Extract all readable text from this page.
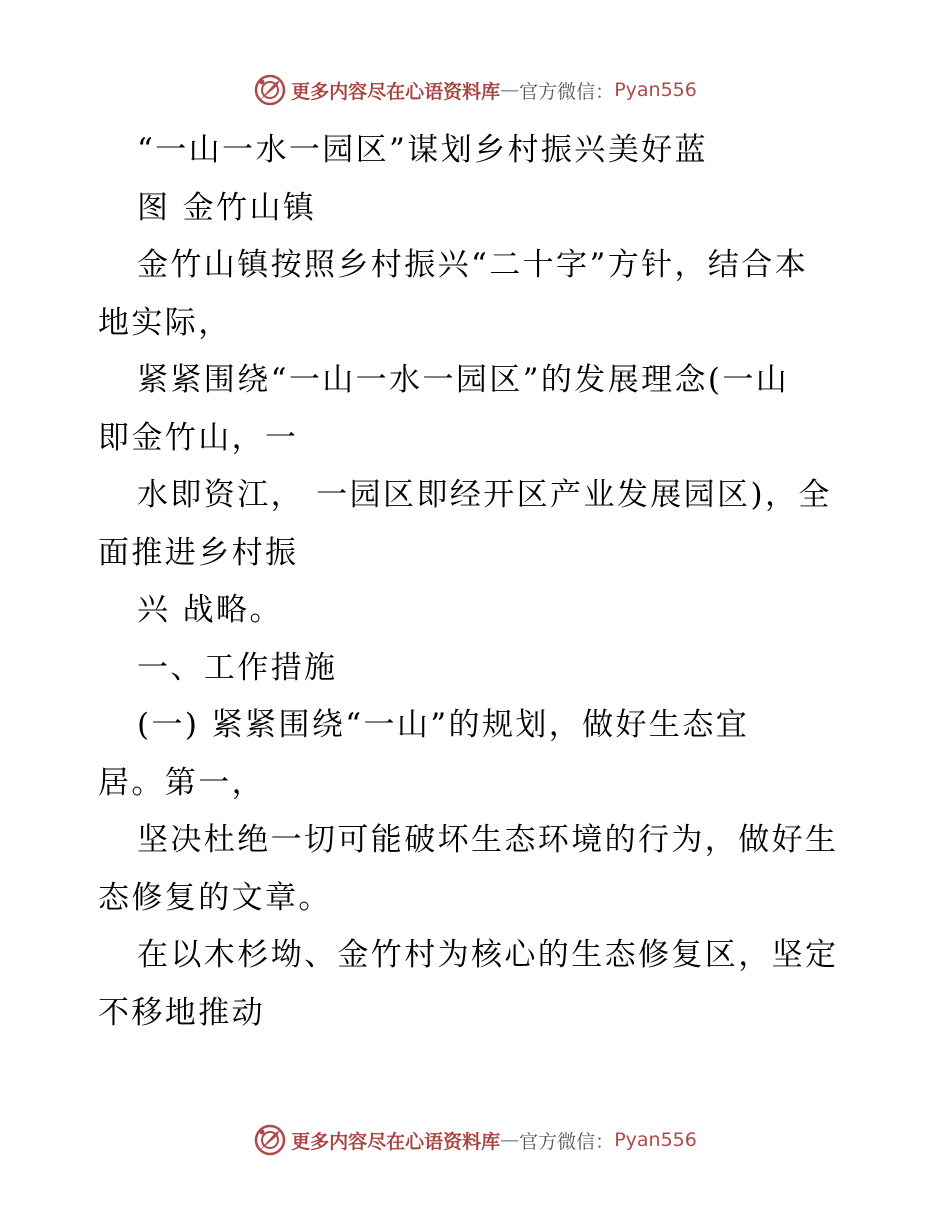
更多内容尽在心语资料库 — 官方微信： Pyan556
“一山一水一园区”谋划乡村振兴美好蓝
图 金竹山镇
金竹山镇按照乡村振兴“二十字”方针，结合本
地实际，
紧紧围绕“一山一水一园区”的发展理念(一山
即金竹山，一
水即资江， 一园区即经开区产业发展园区)，全
面推进乡村振
兴 战略。
一、工作措施
(一) 紧紧围绕“一山”的规划，做好生态宜
居。第一，
坚决杜绝一切可能破坏生态环境的行为，做好生
态修复的文章。
在以木杉坳、金竹村为核心的生态修复区，坚定
不移地推动
更多内容尽在心语资料库 — 官方微信： Pyan556
